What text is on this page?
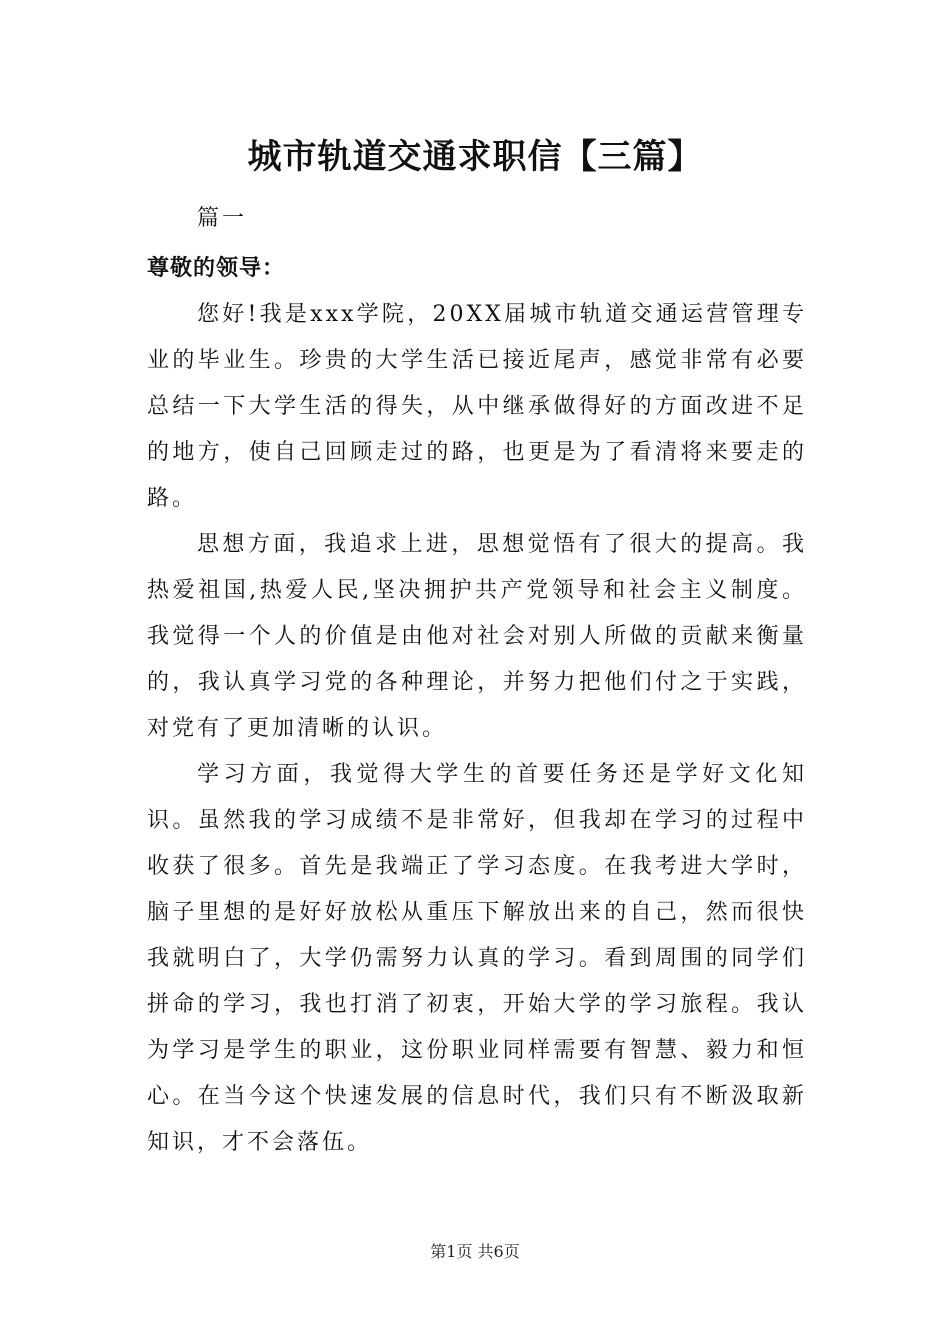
城市轨道交通求职信【三篇】

篇一

尊敬的领导：

您好!我是xxx学院，20XX届城市轨道交通运营管理专业的毕业生。珍贵的大学生活已接近尾声，感觉非常有必要总结一下大学生活的得失，从中继承做得好的方面改进不足的地方，使自己回顾走过的路，也更是为了看清将来要走的路。

思想方面，我追求上进，思想觉悟有了很大的提高。我热爱祖国,热爱人民,坚决拥护共产党领导和社会主义制度。我觉得一个人的价值是由他对社会对别人所做的贡献来衡量的，我认真学习党的各种理论，并努力把他们付之于实践，对党有了更加清晰的认识。

学习方面，我觉得大学生的首要任务还是学好文化知识。虽然我的学习成绩不是非常好，但我却在学习的过程中收获了很多。首先是我端正了学习态度。在我考进大学时，脑子里想的是好好放松从重压下解放出来的自己，然而很快我就明白了，大学仍需努力认真的学习。看到周围的同学们拼命的学习，我也打消了初衷，开始大学的学习旅程。我认为学习是学生的职业，这份职业同样需要有智慧、毅力和恒心。在当今这个快速发展的信息时代，我们只有不断汲取新知识，才不会落伍。

第1页 共6页
